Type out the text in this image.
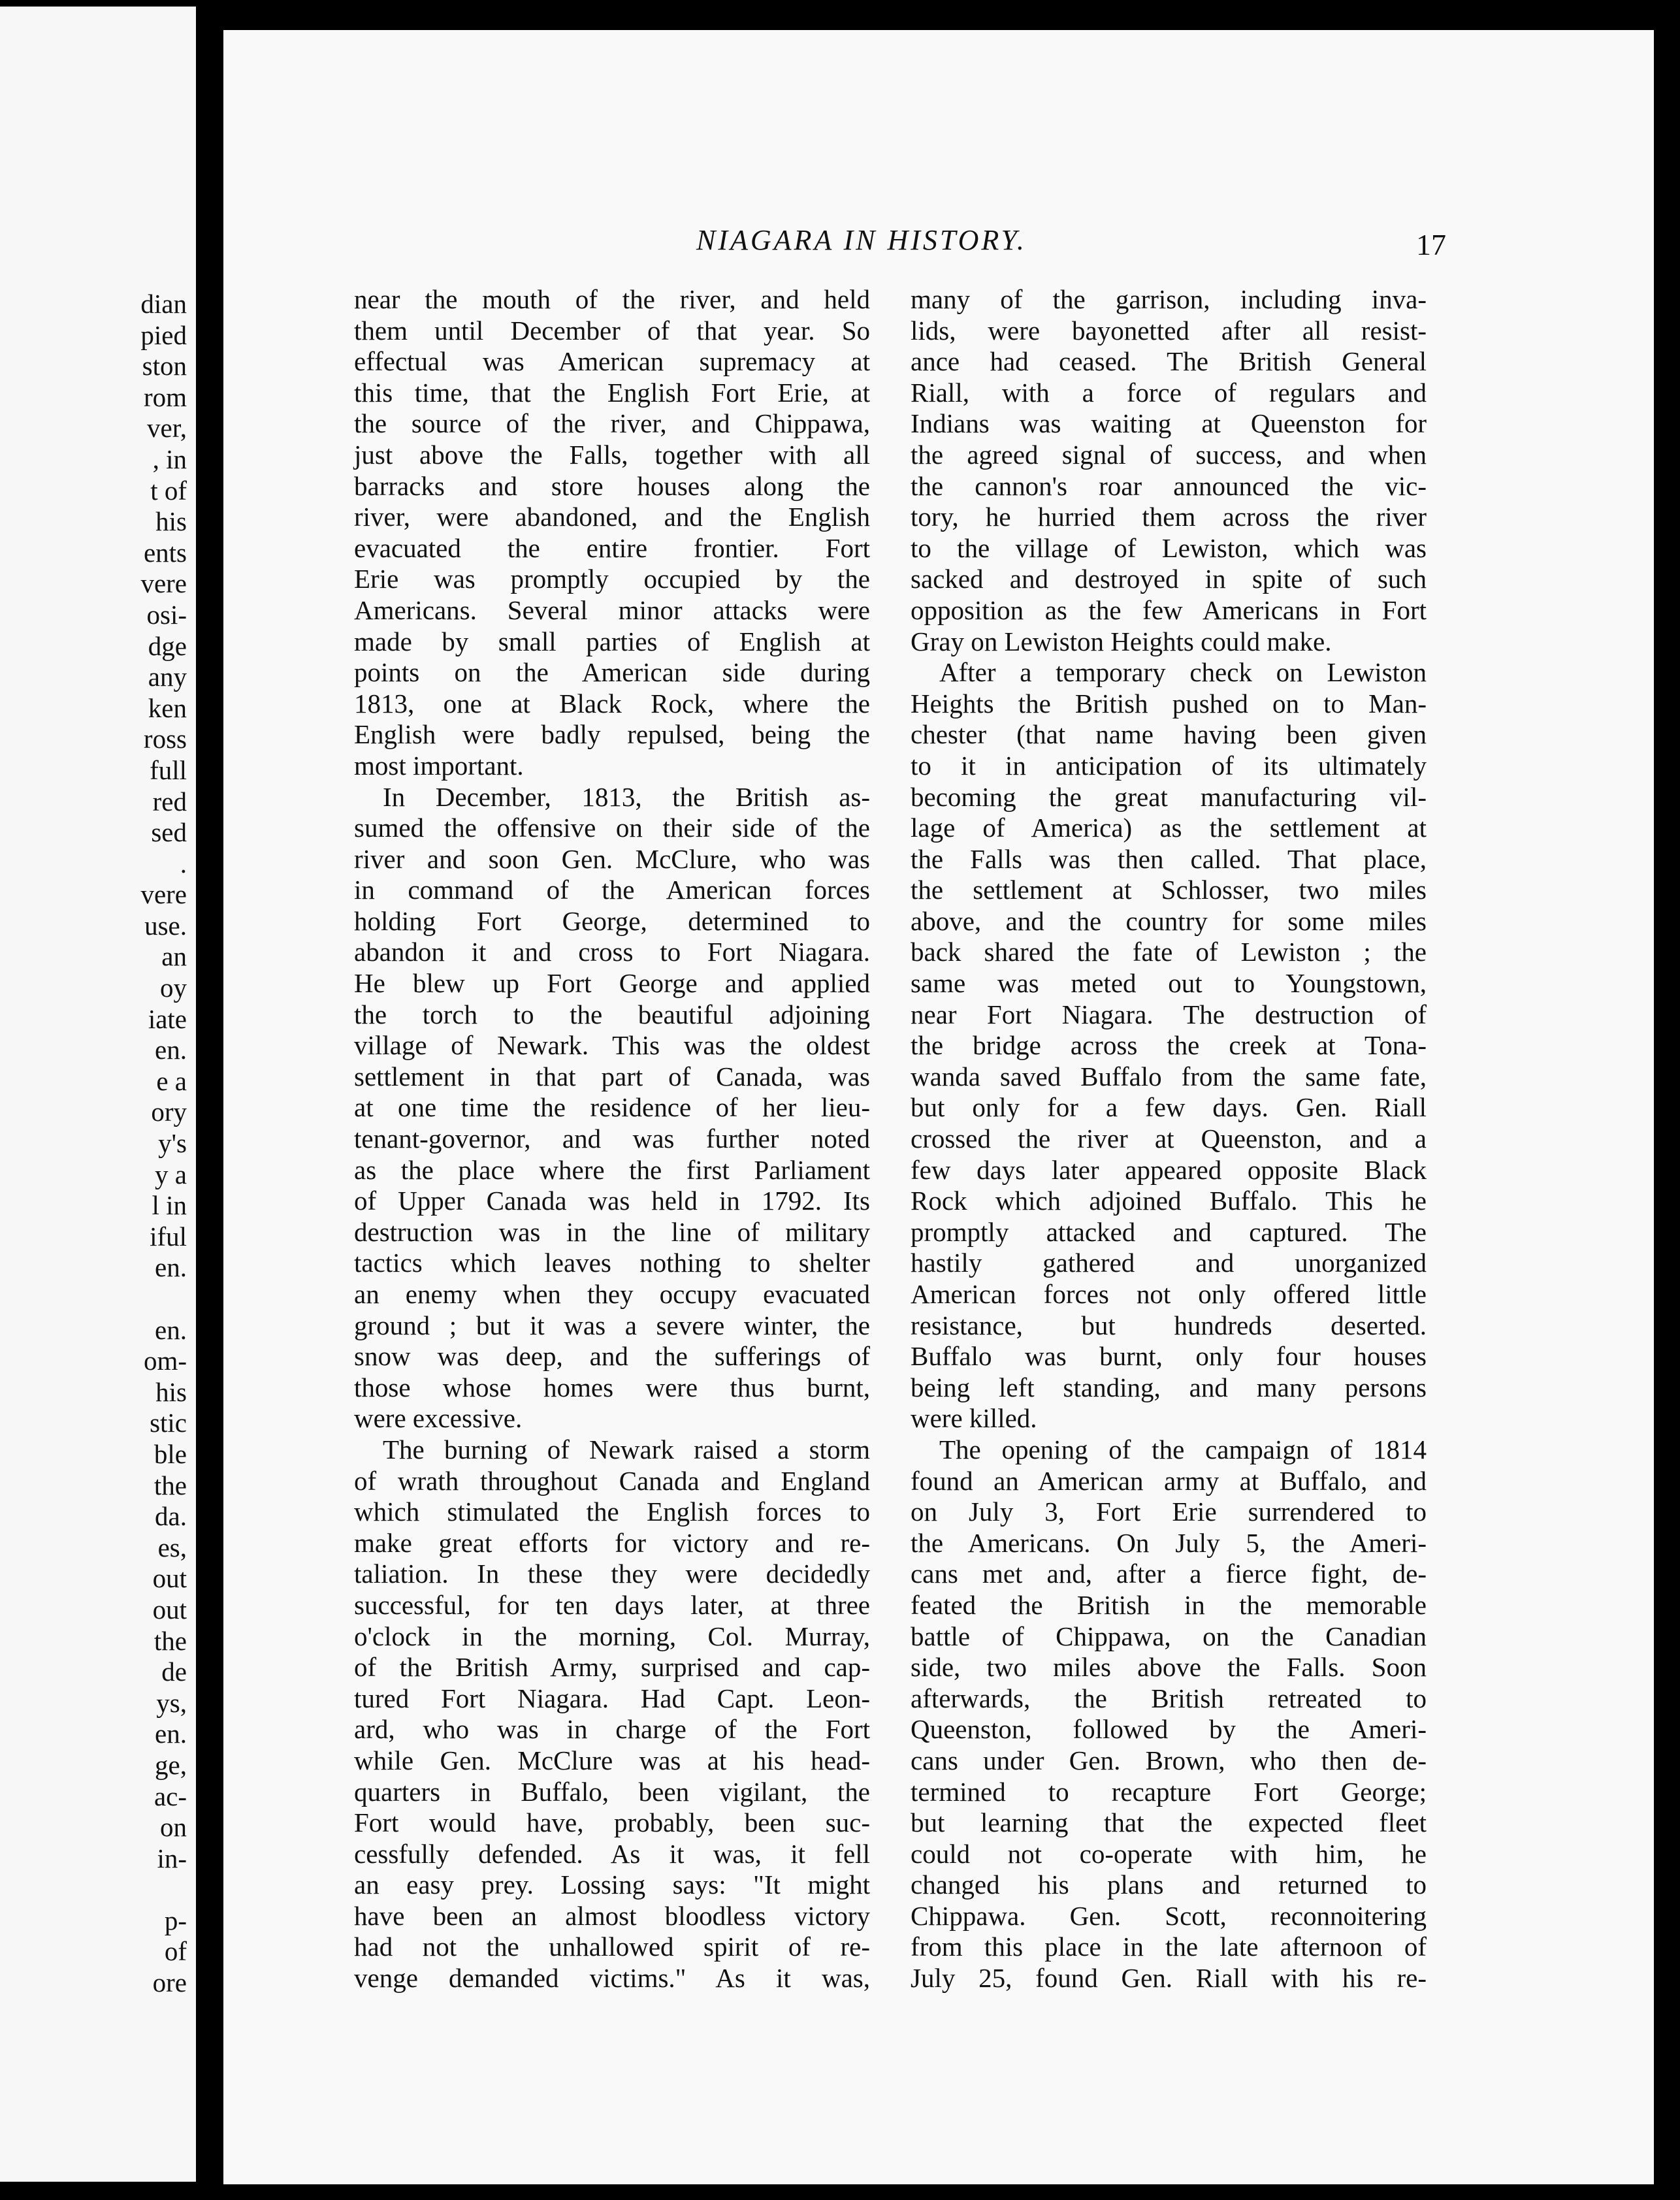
dian
pied
ston
rom
ver,
, in
t of
his
ents
vere
osi-
dge
any
ken
ross
full
red
sed
.
vere
use.
an
oy
iate
en.
e a
ory
y's
y a
l in
iful
en.
en.
om-
his
stic
ble
the
da.
es,
out
out
the
de
ys,
en.
ge,
ac-
on
in-
p-
of
ore
NIAGARA IN HISTORY.	17
near the mouth of the river, and held
them until December of that year. So
effectual was American supremacy at
this time, that the English Fort Erie, at
the source of the river, and Chippawa,
just above the Falls, together with all
barracks and store houses along the
river, were abandoned, and the English
evacuated the entire frontier. Fort
Erie was promptly occupied by the
Americans. Several minor attacks were
made by small parties of English at
points on the American side during
1813, one at Black Rock, where the
English were badly repulsed, being the
most important.
In December, 1813, the British as-
sumed the offensive on their side of the
river and soon Gen. McClure, who was
in command of the American forces
holding Fort George, determined to
abandon it and cross to Fort Niagara.
He blew up Fort George and applied
the torch to the beautiful adjoining
village of Newark. This was the oldest
settlement in that part of Canada, was
at one time the residence of her lieu-
tenant-governor, and was further noted
as the place where the first Parliament
of Upper Canada was held in 1792. Its
destruction was in the line of military
tactics which leaves nothing to shelter
an enemy when they occupy evacuated
ground ; but it was a severe winter, the
snow was deep, and the sufferings of
those whose homes were thus burnt,
were excessive.
The burning of Newark raised a storm
of wrath throughout Canada and England
which stimulated the English forces to
make great efforts for victory and re-
taliation. In these they were decidedly
successful, for ten days later, at three
o'clock in the morning, Col. Murray,
of the British Army, surprised and cap-
tured Fort Niagara. Had Capt. Leon-
ard, who was in charge of the Fort
while Gen. McClure was at his head-
quarters in Buffalo, been vigilant, the
Fort would have, probably, been suc-
cessfully defended. As it was, it fell
an easy prey. Lossing says: "It might
have been an almost bloodless victory
had not the unhallowed spirit of re-
venge demanded victims." As it was,
many of the garrison, including inva-
lids, were bayonetted after all resist-
ance had ceased. The British General
Riall, with a force of regulars and
Indians was waiting at Queenston for
the agreed signal of success, and when
the cannon's roar announced the vic-
tory, he hurried them across the river
to the village of Lewiston, which was
sacked and destroyed in spite of such
opposition as the few Americans in Fort
Gray on Lewiston Heights could make.
After a temporary check on Lewiston
Heights the British pushed on to Man-
chester (that name having been given
to it in anticipation of its ultimately
becoming the great manufacturing vil-
lage of America) as the settlement at
the Falls was then called. That place,
the settlement at Schlosser, two miles
above, and the country for some miles
back shared the fate of Lewiston ; the
same was meted out to Youngstown,
near Fort Niagara. The destruction of
the bridge across the creek at Tona-
wanda saved Buffalo from the same fate,
but only for a few days. Gen. Riall
crossed the river at Queenston, and a
few days later appeared opposite Black
Rock which adjoined Buffalo. This he
promptly attacked and captured. The
hastily gathered and unorganized
American forces not only offered little
resistance, but hundreds deserted.
Buffalo was burnt, only four houses
being left standing, and many persons
were killed.
The opening of the campaign of 1814
found an American army at Buffalo, and
on July 3, Fort Erie surrendered to
the Americans. On July 5, the Ameri-
cans met and, after a fierce fight, de-
feated the British in the memorable
battle of Chippawa, on the Canadian
side, two miles above the Falls. Soon
afterwards, the British retreated to
Queenston, followed by the Ameri-
cans under Gen. Brown, who then de-
termined to recapture Fort George;
but learning that the expected fleet
could not co-operate with him, he
changed his plans and returned to
Chippawa. Gen. Scott, reconnoitering
from this place in the late afternoon of
July 25, found Gen. Riall with his re-
